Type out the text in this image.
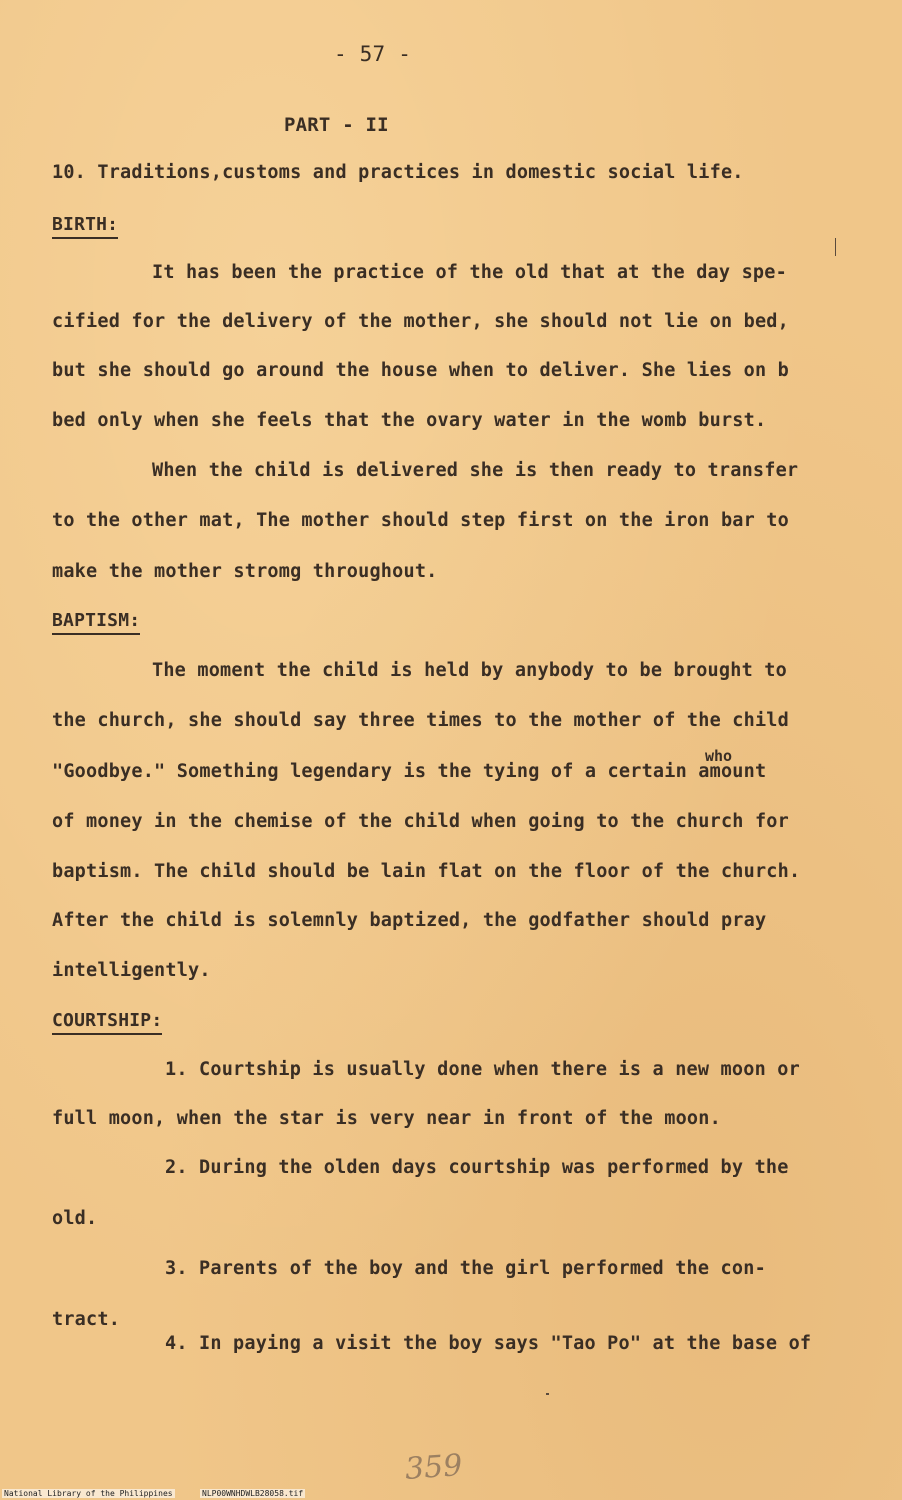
- 57 -
PART - II
10. Traditions,customs and practices in domestic social life.
BIRTH:
It has been the practice of the old that at the day spe-
cified for the delivery of the mother, she should not lie on bed,
but she should go around the house when to deliver. She lies on b
bed only when she feels that the ovary water in the womb burst.
When the child is delivered she is then ready to transfer
to the other mat, The mother should step first on the iron bar to
make the mother stromg throughout.
BAPTISM:
The moment the child is held by anybody to be brought to
the church, she should say three times to the mother of the child
who
"Goodbye." Something legendary is the tying of a certain amount
of money in the chemise of the child when going to the church for
baptism. The child should be lain flat on the floor of the church.
After the child is solemnly baptized, the godfather should pray
intelligently.
COURTSHIP:
1. Courtship is usually done when there is a new moon or
full moon, when the star is very near in front of the moon.
2. During the olden days courtship was performed by the
old.
3. Parents of the boy and the girl performed the con-
tract.
4. In paying a visit the boy says "Tao Po" at the base of
359
National Library of the Philippines	NLP00WNHDWLB28058.tif
